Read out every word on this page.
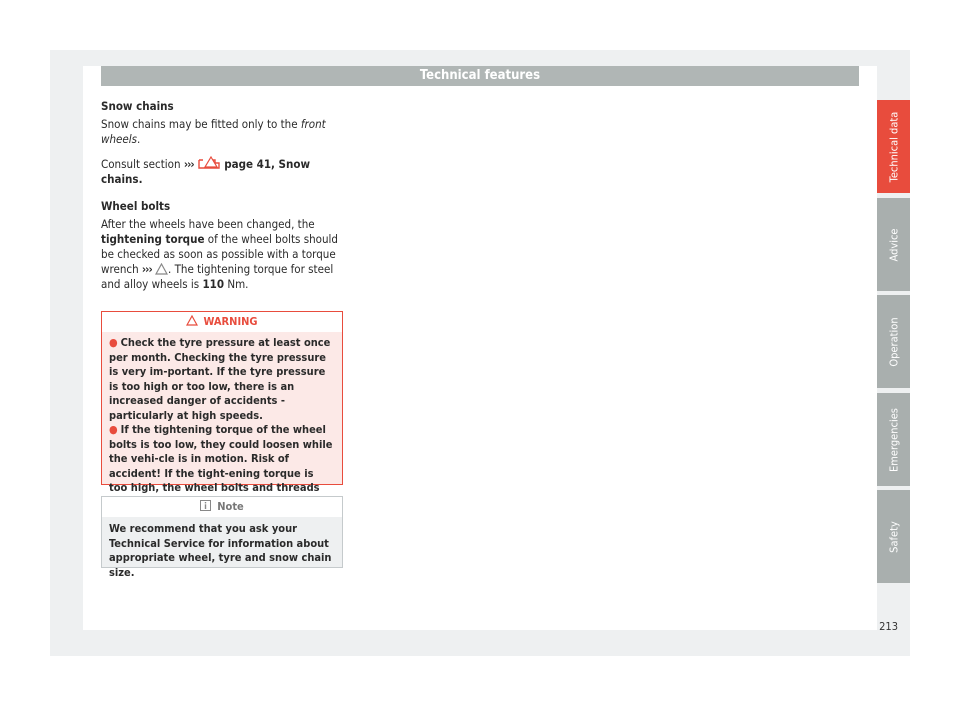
Technical features

Snow chains

Snow chains may be fitted only to the front wheels.

Consult section ›››	page 41, Snow chains.

Wheel bolts

After the wheels have been changed, the tightening torque of the wheel bolts should be checked as soon as possible with a torque wrench ››› . The tightening torque for steel and alloy wheels is 110 Nm.

WARNING
● Check the tyre pressure at least once per month. Checking the tyre pressure is very im-portant. If the tyre pressure is too high or too low, there is an increased danger of accidents - particularly at high speeds.
● If the tightening torque of the wheel bolts is too low, they could loosen while the vehi-cle is in motion. Risk of accident! If the tight-ening torque is too high, the wheel bolts and threads
Note
We recommend that you ask your Technical Service for information about appropriate wheel, tyre and snow chain size.
Technical data
Advice
Operation
Emergencies
Safety
213
